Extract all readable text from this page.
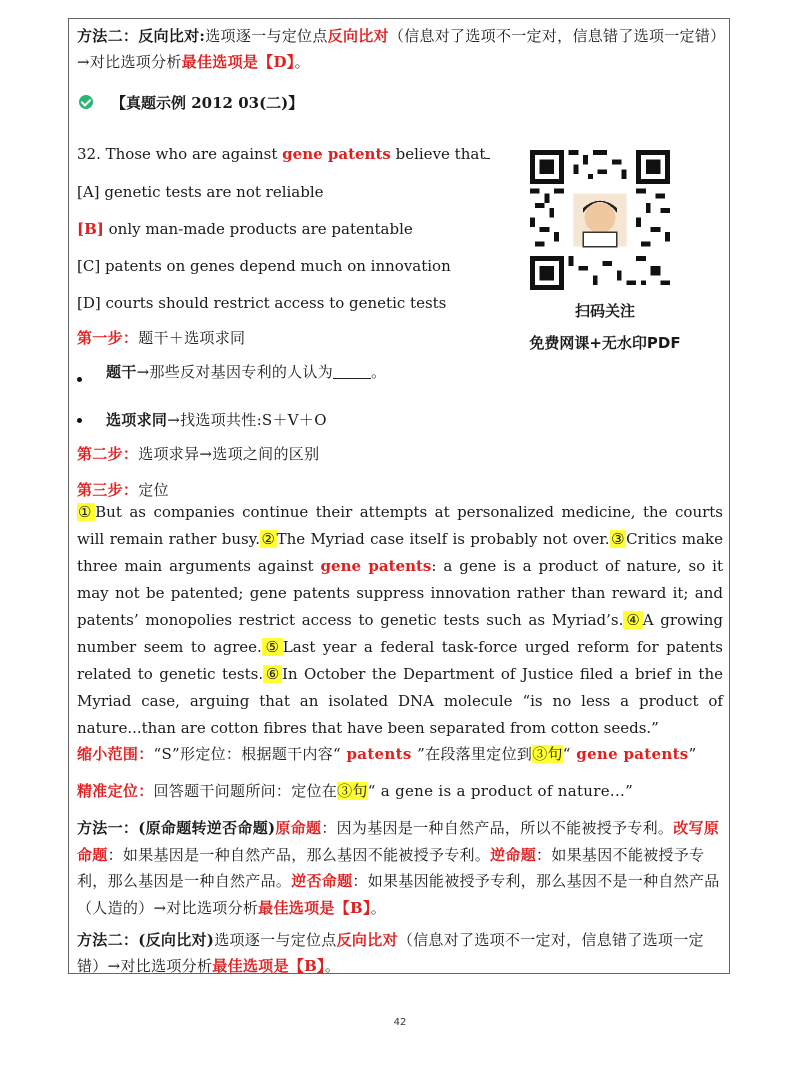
方法二：反向比对:选项逐一与定位点反向比对（信息对了选项不一定对，信息错了选项一定错）→对比选项分析最佳选项是【D】。
【真题示例 2012 03(二)】
32. Those who are against gene patents believe that
[A] genetic tests are not reliable
[B] only man-made products are patentable
[C] patents on genes depend much on innovation
[D] courts should restrict access to genetic tests
第一步：题干＋选项求同
题干 →那些反对基因专利的人认为	。
选项求同 →找选项共性:S＋V＋O
第二步：选项求异→选项之间的区别
第三步：定位
①But as companies continue their attempts at personalized medicine, the courts will remain rather busy.②The Myriad case itself is probably not over.③Critics make three main arguments against gene patents: a gene is a product of nature, so it may not be patented; gene patents suppress innovation rather than reward it; and patents’ monopolies restrict access to genetic tests such as Myriad’s.④A growing number seem to agree.⑤Last year a federal task-force urged reform for patents related to genetic tests.⑥In October the Department of Justice filed a brief in the Myriad case, arguing that an isolated DNA molecule “is no less a product of nature...than are cotton fibres that have been separated from cotton seeds.”
缩小范围：“S”形定位：根据题干内容“ patents ”在段落里定位到③句“ gene patents”
精准定位：回答题干问题所问：定位在③句“ a gene is a product of nature...”
方法一：(原命题转逆否命题)原命题：因为基因是一种自然产品，所以不能被授予专利。改写原命题：如果基因是一种自然产品，那么基因不能被授予专利。逆命题：如果基因不能被授予专利，那么基因是一种自然产品。逆否命题：如果基因能被授予专利，那么基因不是一种自然产品（人造的）→对比选项分析最佳选项是【B】。
方法二：(反向比对)选项逐一与定位点反向比对（信息对了选项不一定对，信息错了选项一定错）→对比选项分析最佳选项是【B】。
扫码关注
免费网课+无水印PDF
42
